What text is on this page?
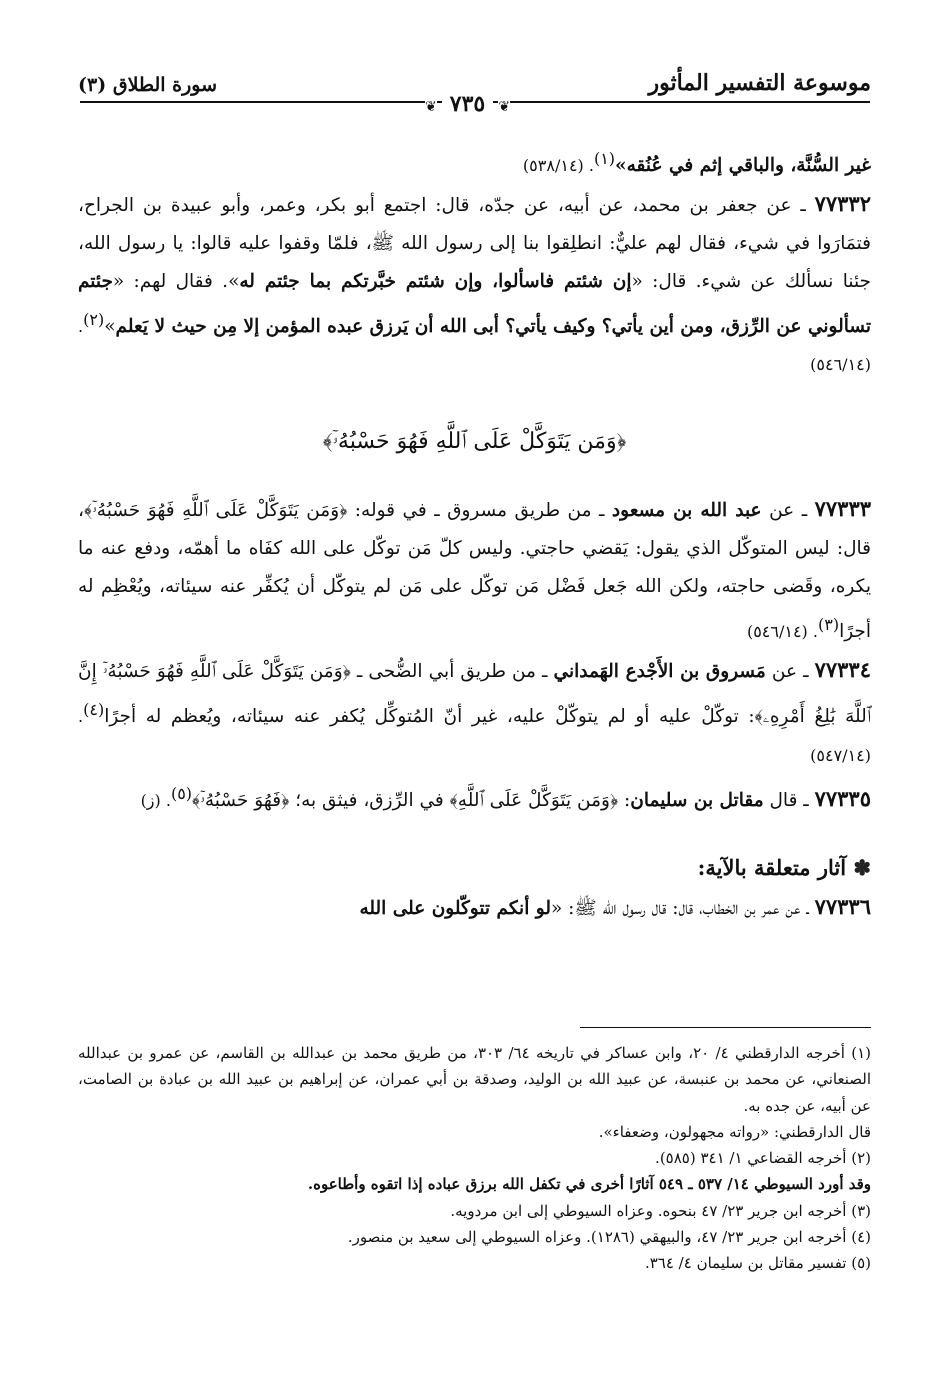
موسوعة التفسير المأثور
سورة الطلاق (٣)
❦ ٧٣٥ ❦

غير السُّنَّة، والباقي إثم في عُنُقه»$^{(١)}$. (٥٣٨/١٤)

٧٧٣٣٢ ـ عن جعفر بن محمد، عن أبيه، عن جدّه، قال: اجتمع أبو بكر، وعمر، وأبو عبيدة بن الجراح، فتمَارَوا في شيء، فقال لهم عليٌّ: انطلِقوا بنا إلى رسول الله ﷺ، فلمّا وقفوا عليه قالوا: يا رسول الله، جئنا نسألك عن شيء. قال: «إن شئتم فاسألوا، وإن شئتم خبَّرتكم بما جئتم له». فقال لهم: «جئتم تسألوني عن الرِّزق، ومن أين يأتي؟ وكيف يأتي؟ أبى الله أن يَرزق عبده المؤمن إلا مِن حيث لا يَعلم»$^{(٢)}$. (٥٤٦/١٤)

﴿وَمَن يَتَوَكَّلْ عَلَى ٱللَّهِ فَهُوَ حَسْبُهُۥٓ﴾

٧٧٣٣٣ ـ عن عبد الله بن مسعود ـ من طريق مسروق ـ في قوله: ﴿وَمَن يَتَوَكَّلْ عَلَى ٱللَّهِ فَهُوَ حَسْبُهُۥٓ﴾، قال: ليس المتوكّل الذي يقول: يَقضي حاجتي. وليس كلّ مَن توكّل على الله كفَاه ما أهمّه، ودفع عنه ما يكره، وقَضى حاجته، ولكن الله جَعل فَضْل مَن توكّل على مَن لم يتوكّل أن يُكفِّر عنه سيئاته، ويُعْظِم له أجرًا$^{(٣)}$. (٥٤٦/١٤)

٧٧٣٣٤ ـ عن مَسروق بن الأَجْدع الهَمداني ـ من طريق أبي الضُّحى ـ ﴿وَمَن يَتَوَكَّلْ عَلَى ٱللَّهِ فَهُوَ حَسْبُهُۥٓ إِنَّ ٱللَّهَ بَٰلِغُ أَمْرِهِۦ﴾: توكّلْ عليه أو لم يتوكّلْ عليه، غير أنّ المُتوكِّل يُكفر عنه سيئاته، ويُعظم له أجرًا$^{(٤)}$. (٥٤٧/١٤)

٧٧٣٣٥ ـ قال مقاتل بن سليمان: ﴿وَمَن يَتَوَكَّلْ عَلَى ٱللَّهِ﴾ في الرِّزق، فيثق به؛ ﴿فَهُوَ حَسْبُهُۥٓ﴾$^{(٥)}$. (ز)

✽ آثار متعلقة بالآية:

٧٧٣٣٦ ـ عن عمر بن الخطاب، قال: قال رسول الله ﷺ: «لو أنكم تتوكّلون على الله

(١) أخرجه الدارقطني ٤/ ٢٠، وابن عساكر في تاريخه ٦٤/ ٣٠٣، من طريق محمد بن عبدالله بن القاسم، عن عمرو بن عبدالله الصنعاني، عن محمد بن عنبسة، عن عبيد الله بن الوليد، وصدقة بن أبي عمران، عن إبراهيم بن عبيد الله بن عبادة بن الصامت، عن أبيه، عن جده به.
قال الدارقطني: «رواته مجهولون، وضعفاء».
(٢) أخرجه القضاعي ١/ ٣٤١ (٥٨٥).
وقد أورد السيوطي ١٤/ ٥٣٧ ـ ٥٤٩ آثارًا أخرى في تكفل الله برزق عباده إذا اتقوه وأطاعوه.
(٣) أخرجه ابن جرير ٢٣/ ٤٧ بنحوه. وعزاه السيوطي إلى ابن مردويه.
(٤) أخرجه ابن جرير ٢٣/ ٤٧، والبيهقي (١٢٨٦). وعزاه السيوطي إلى سعيد بن منصور.
(٥) تفسير مقاتل بن سليمان ٤/ ٣٦٤.
